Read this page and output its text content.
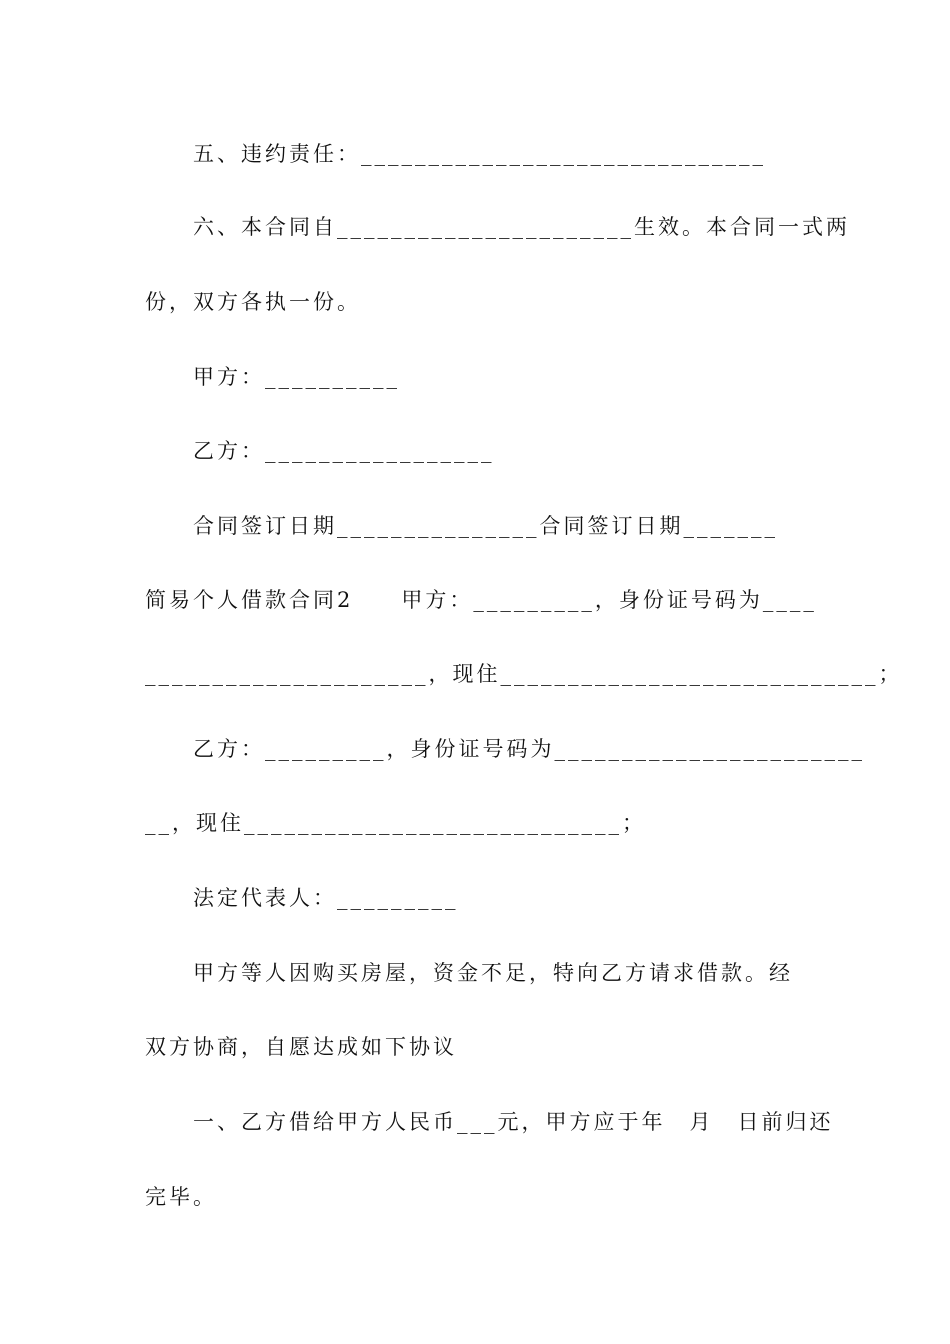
　　五、违约责任：______________________________
　　六、本合同自______________________生效。本合同一式两
份，双方各执一份。
　　甲方：__________
　　乙方：_________________
　　合同签订日期_______________合同签订日期_______
简易个人借款合同2　　甲方：_________，身份证号码为____
_____________________，现住____________________________；
　　乙方：_________，身份证号码为_______________________
__，现住____________________________；
　　法定代表人：_________
　　甲方等人因购买房屋，资金不足，特向乙方请求借款。经
双方协商，自愿达成如下协议
　　一、乙方借给甲方人民币___元，甲方应于年　月　日前归还
完毕。
